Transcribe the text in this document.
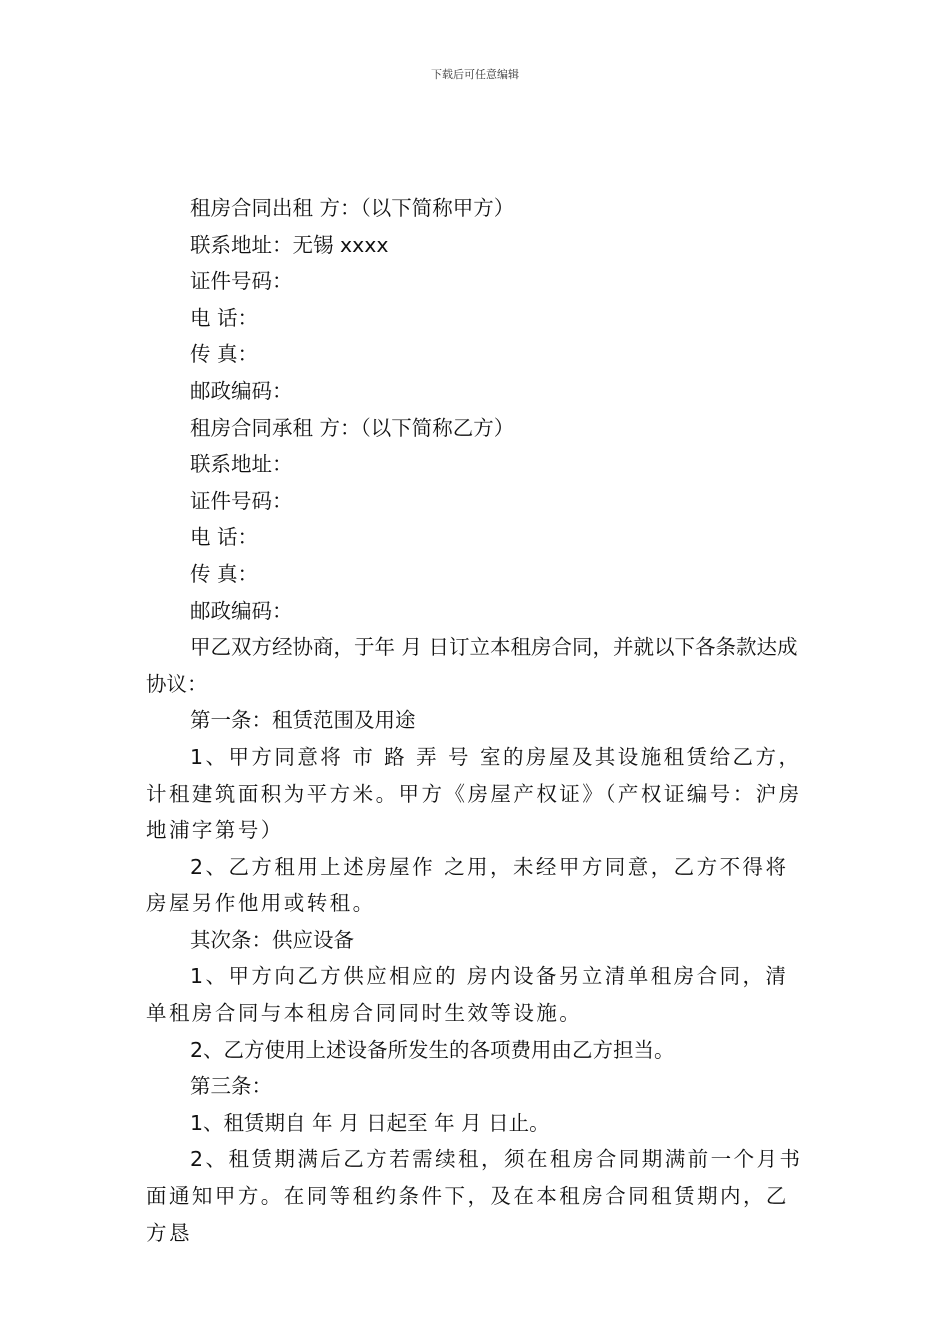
下载后可任意编辑

租房合同出租 方：（以下简称甲方）

联系地址：无锡 xxxx

证件号码：

电 话：

传 真：

邮政编码：

租房合同承租 方：（以下简称乙方）

联系地址：

证件号码：

电 话：

传 真：

邮政编码：

甲乙双方经协商，于年 月 日订立本租房合同，并就以下各条款达成协议：

第一条：租赁范围及用途

1、甲方同意将 市 路 弄 号 室的房屋及其设施租赁给乙方，计租建筑面积为平方米。甲方《房屋产权证》（产权证编号：沪房地浦字第号）

2、乙方租用上述房屋作 之用，未经甲方同意，乙方不得将房屋另作他用或转租。

其次条：供应设备

1、甲方向乙方供应相应的 房内设备另立清单租房合同，清单租房合同与本租房合同同时生效等设施。

2、乙方使用上述设备所发生的各项费用由乙方担当。

第三条：

1、租赁期自 年 月 日起至 年 月 日止。

2、租赁期满后乙方若需续租，须在租房合同期满前一个月书面通知甲方。在同等租约条件下，及在本租房合同租赁期内，乙方恳
